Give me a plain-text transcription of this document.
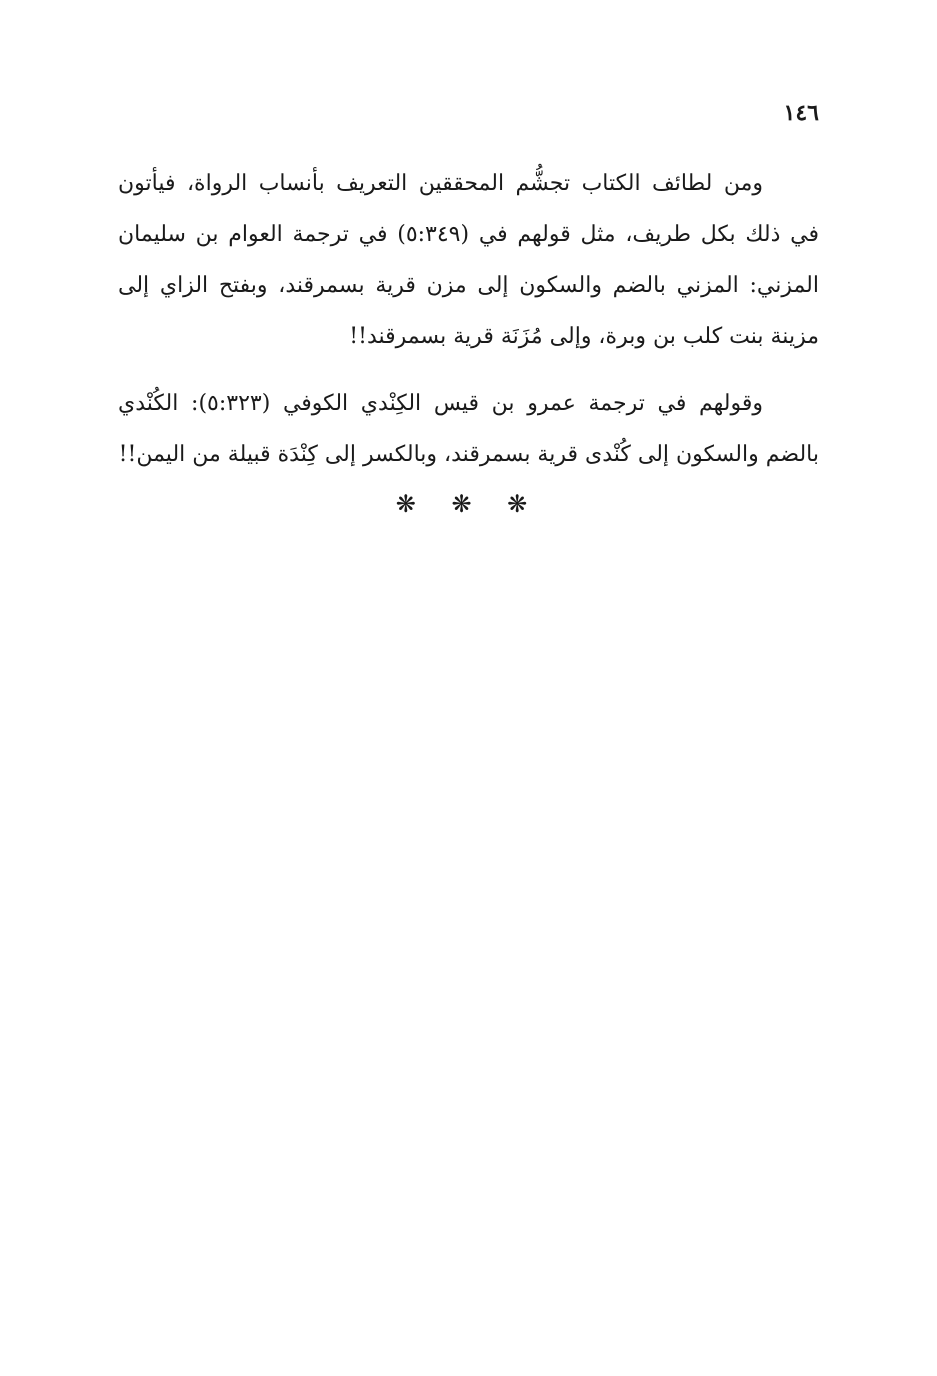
١٤٦

ومن لطائف الكتاب تجشُّم المحققين التعريف بأنساب الرواة، فيأتون في ذلك بكل طريف، مثل قولهم في (٥:٣٤٩) في ترجمة العوام بن سليمان المزني: المزني بالضم والسكون إلى مزن قرية بسمرقند، وبفتح الزاي إلى مزينة بنت كلب بن وبرة، وإلى مُزَنَة قرية بسمرقند!!

وقولهم في ترجمة عمرو بن قيس الكِنْدي الكوفي (٥:٣٢٣): الكُنْدي بالضم والسكون إلى كُنْدى قرية بسمرقند، وبالكسر إلى كِنْدَة قبيلة من اليمن!!

❋ ❋ ❋
